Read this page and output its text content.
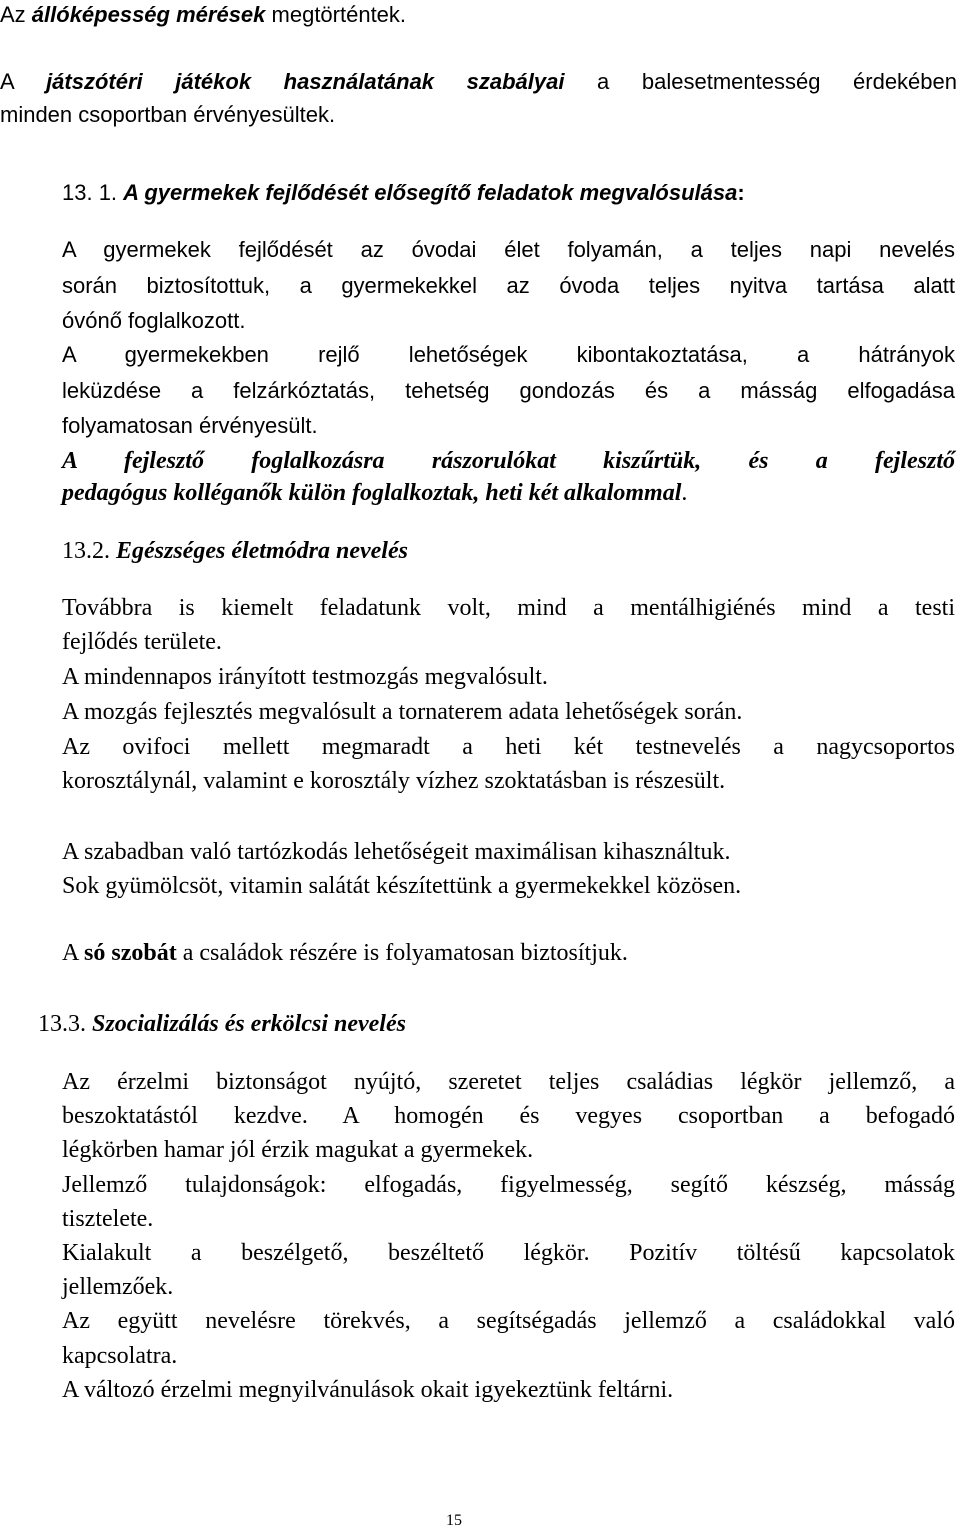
Az állóképesség mérések megtörténtek.
A játszótéri játékok használatának szabályai a balesetmentesség érdekében
minden csoportban érvényesültek.
13. 1. A gyermekek fejlődését elősegítő feladatok megvalósulása:
A gyermekek fejlődését az óvodai élet folyamán, a teljes napi nevelés
során biztosítottuk, a gyermekekkel az óvoda teljes nyitva tartása alatt
óvónő foglalkozott.
A gyermekekben rejlő lehetőségek kibontakoztatása, a hátrányok
leküzdése a felzárkóztatás, tehetség gondozás és a másság elfogadása
folyamatosan érvényesült.
A fejlesztő foglalkozásra rászorulókat kiszűrtük, és a fejlesztő
pedagógus kolléganők külön foglalkoztak, heti két alkalommal.
13.2. Egészséges életmódra nevelés
Továbbra is kiemelt feladatunk volt, mind a mentálhigiénés mind a testi
fejlődés területe.
A mindennapos irányított testmozgás megvalósult.
A mozgás fejlesztés megvalósult a tornaterem adata lehetőségek során.
Az ovifoci mellett megmaradt a heti két testnevelés a nagycsoportos
korosztálynál, valamint e korosztály vízhez szoktatásban is részesült.
A szabadban való tartózkodás lehetőségeit maximálisan kihasználtuk.
Sok gyümölcsöt, vitamin salátát készítettünk a gyermekekkel közösen.
A só szobát a családok részére is folyamatosan biztosítjuk.
13.3. Szocializálás és erkölcsi nevelés
Az érzelmi biztonságot nyújtó, szeretet teljes családias légkör jellemző, a
beszoktatástól kezdve. A homogén és vegyes csoportban a befogadó
légkörben hamar jól érzik magukat a gyermekek.
Jellemző tulajdonságok: elfogadás, figyelmesség, segítő készség, másság
tisztelete.
Kialakult a beszélgető, beszéltető légkör. Pozitív töltésű kapcsolatok
jellemzőek.
Az együtt nevelésre törekvés, a segítségadás jellemző a családokkal való
kapcsolatra.
A változó érzelmi megnyilvánulások okait igyekeztünk feltárni.
15
